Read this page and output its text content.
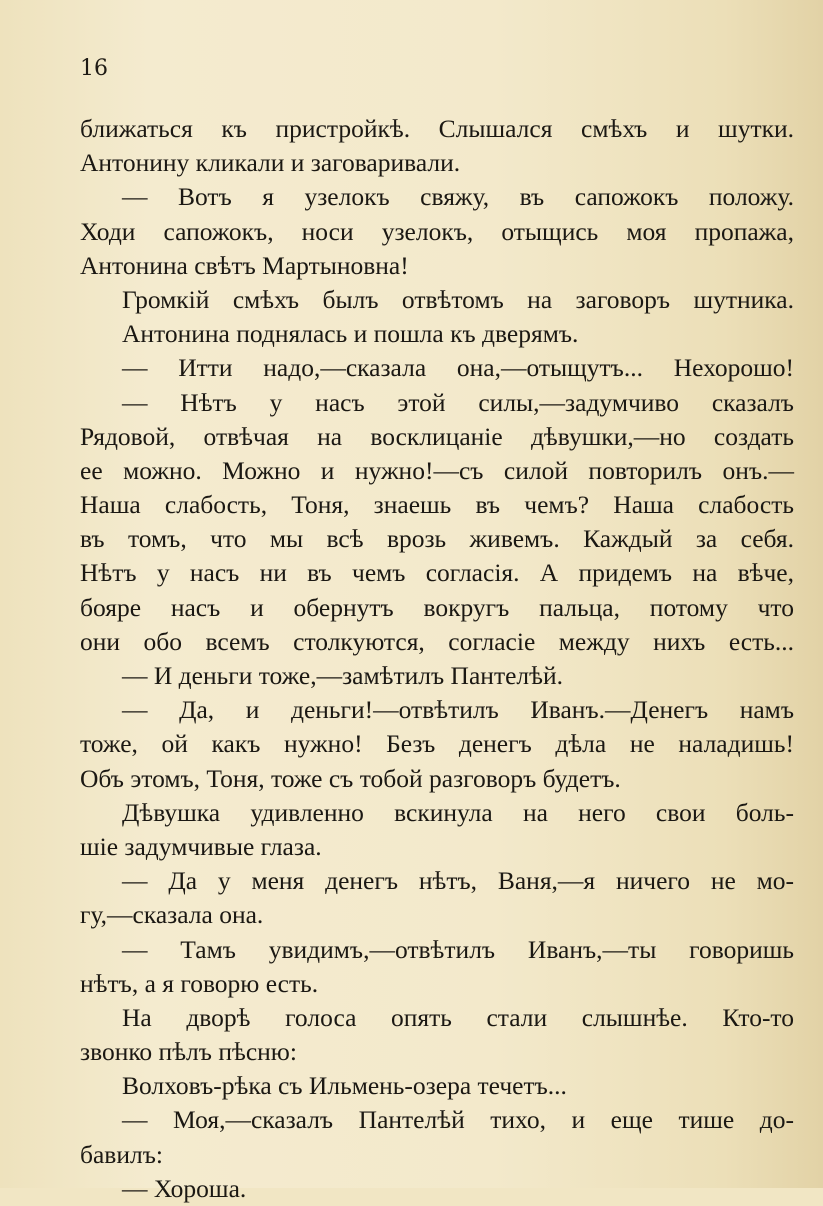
16
ближаться къ пристройкѣ. Слышался смѣхъ и шутки.
Антонину кликали и заговаривали.
— Вотъ я узелокъ свяжу, въ сапожокъ положу.
Ходи сапожокъ, носи узелокъ, отыщись моя пропажа,
Антонина свѣтъ Мартыновна!
Громкій смѣхъ былъ отвѣтомъ на заговоръ шутника.
Антонина поднялась и пошла къ дверямъ.
— Итти надо,—сказала она,—отыщутъ... Нехорошо!
— Нѣтъ у насъ этой силы,—задумчиво сказалъ
Рядовой, отвѣчая на восклицаніе дѣвушки,—но создать
ее можно. Можно и нужно!—съ силой повторилъ онъ.—
Наша слабость, Тоня, знаешь въ чемъ? Наша слабость
въ томъ, что мы всѣ врозь живемъ. Каждый за себя.
Нѣтъ у насъ ни въ чемъ согласія. А придемъ на вѣче,
бояре насъ и обернутъ вокругъ пальца, потому что
они обо всемъ столкуются, согласіе между нихъ есть...
— И деньги тоже,—замѣтилъ Пантелѣй.
— Да, и деньги!—отвѣтилъ Иванъ.—Денегъ намъ
тоже, ой какъ нужно! Безъ денегъ дѣла не наладишь!
Объ этомъ, Тоня, тоже съ тобой разговоръ будетъ.
Дѣвушка удивленно вскинула на него свои боль-
шіе задумчивые глаза.
— Да у меня денегъ нѣтъ, Ваня,—я ничего не мо-
гу,—сказала она.
— Тамъ увидимъ,—отвѣтилъ Иванъ,—ты говоришь
нѣтъ, а я говорю есть.
На дворѣ голоса опять стали слышнѣе. Кто-то
звонко пѣлъ пѣсню:
Волховъ-рѣка съ Ильмень-озера течетъ...
— Моя,—сказалъ Пантелѣй тихо, и еще тише до-
бавилъ:
— Хороша.
